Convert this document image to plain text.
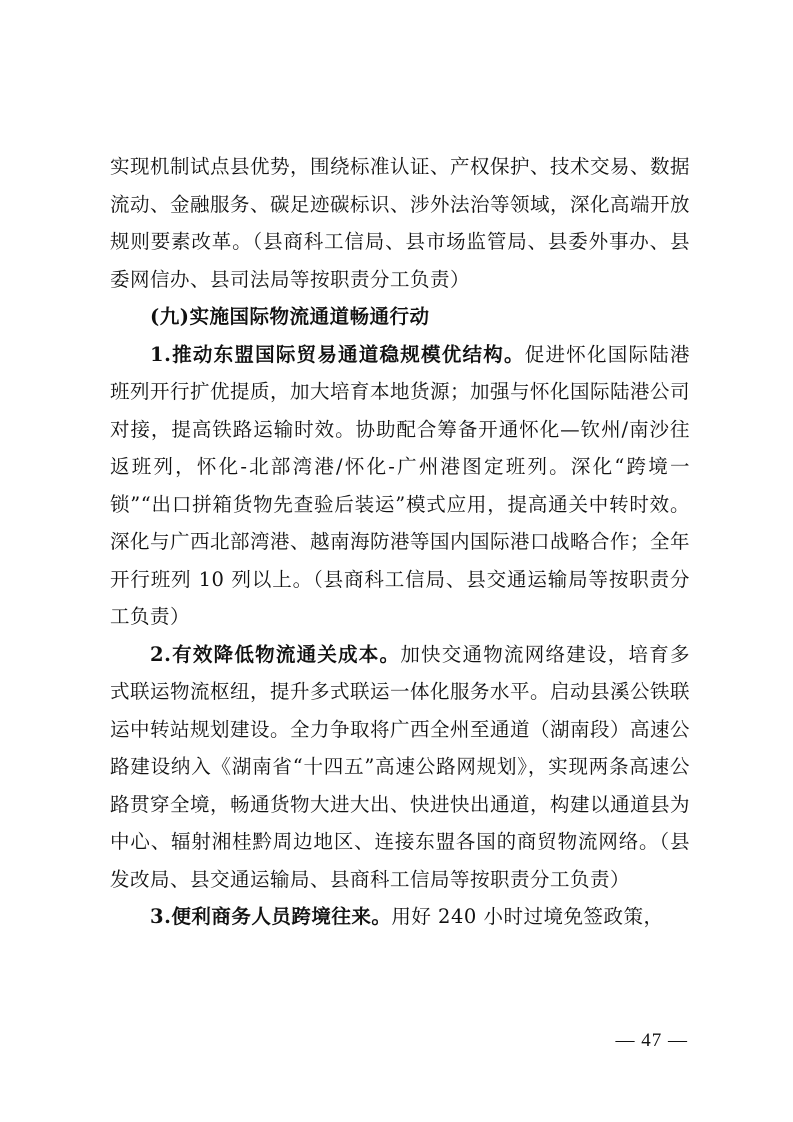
实现机制试点县优势，围绕标准认证、产权保护、技术交易、数据流动、金融服务、碳足迹碳标识、涉外法治等领域，深化高端开放规则要素改革。（县商科工信局、县市场监管局、县委外事办、县委网信办、县司法局等按职责分工负责）

(九)实施国际物流通道畅通行动

1.推动东盟国际贸易通道稳规模优结构。促进怀化国际陆港班列开行扩优提质，加大培育本地货源；加强与怀化国际陆港公司对接，提高铁路运输时效。协助配合筹备开通怀化—钦州/南沙往返班列，怀化-北部湾港/怀化-广州港图定班列。深化“跨境一锁”“出口拼箱货物先查验后装运”模式应用，提高通关中转时效。深化与广西北部湾港、越南海防港等国内国际港口战略合作；全年开行班列 10 列以上。（县商科工信局、县交通运输局等按职责分工负责）

2.有效降低物流通关成本。加快交通物流网络建设，培育多式联运物流枢纽，提升多式联运一体化服务水平。启动县溪公铁联运中转站规划建设。全力争取将广西全州至通道（湖南段）高速公路建设纳入《湖南省“十四五”高速公路网规划》，实现两条高速公路贯穿全境，畅通货物大进大出、快进快出通道，构建以通道县为中心、辐射湘桂黔周边地区、连接东盟各国的商贸物流网络。（县发改局、县交通运输局、县商科工信局等按职责分工负责）

3.便利商务人员跨境往来。用好 240 小时过境免签政策，

— 47 —
